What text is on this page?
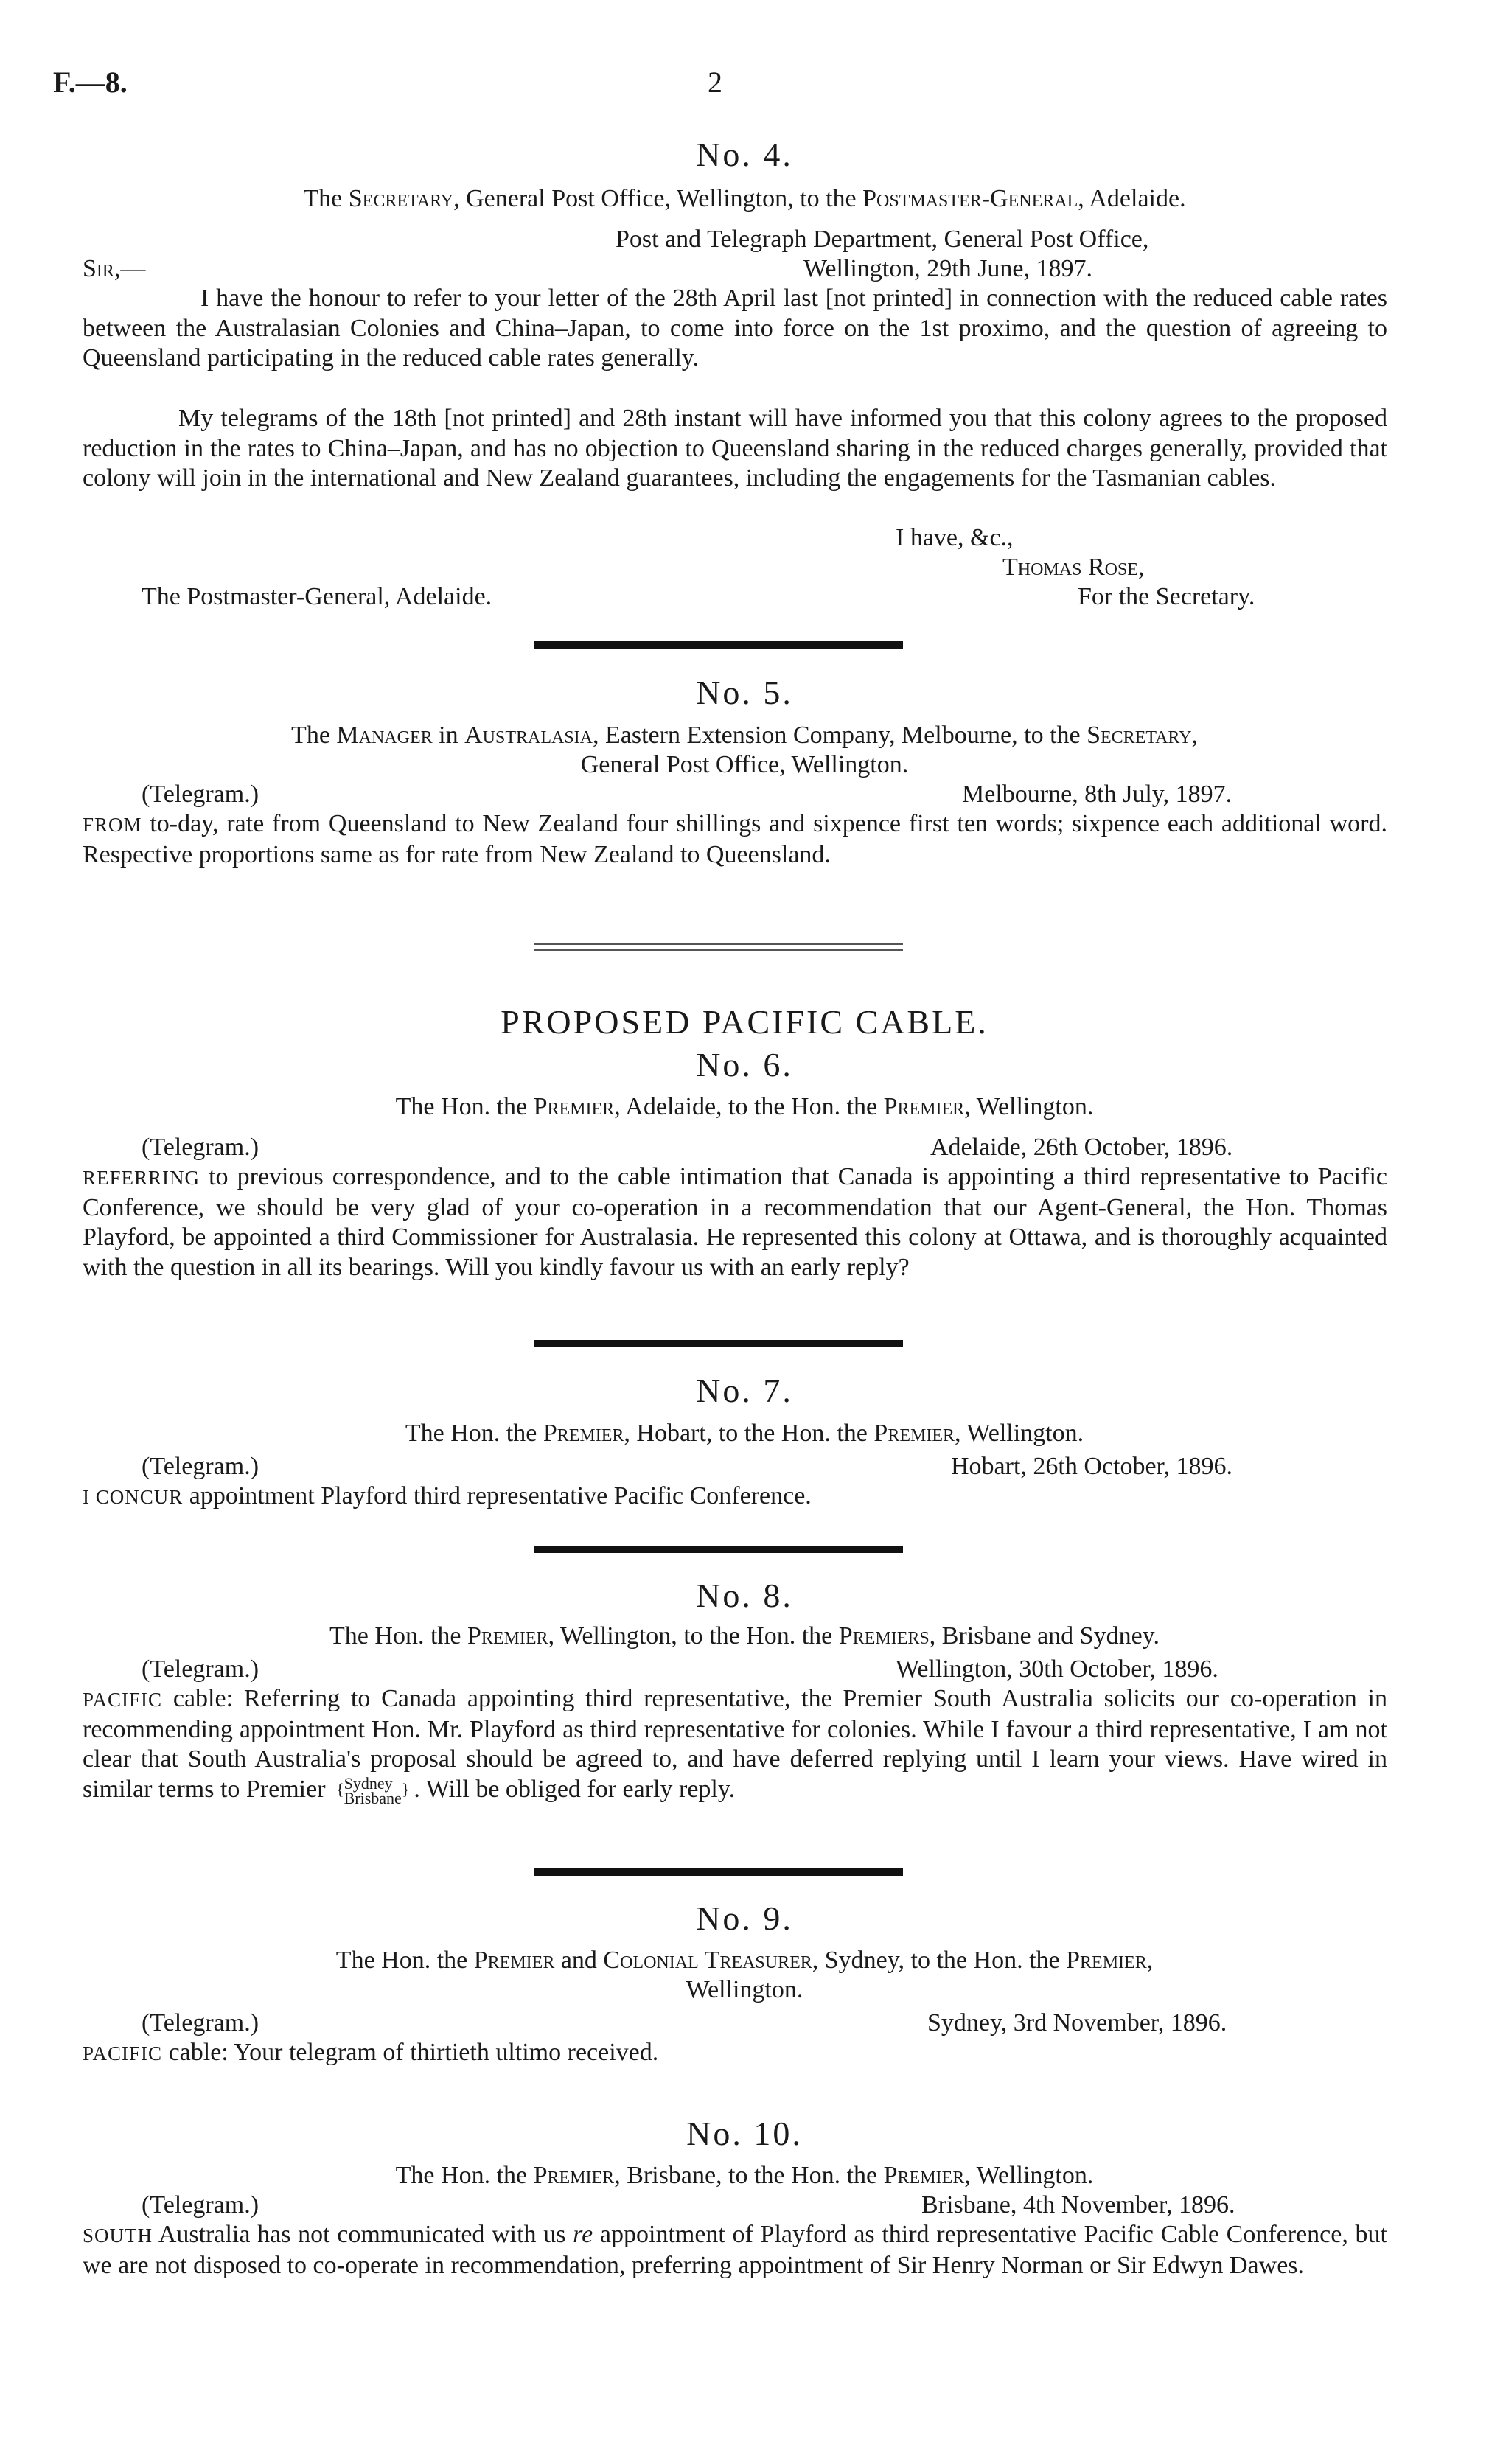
F.—8.	2
No. 4.
The Secretary, General Post Office, Wellington, to the Postmaster-General, Adelaide.
Post and Telegraph Department, General Post Office,
Sir,—	Wellington, 29th June, 1897.
I have the honour to refer to your letter of the 28th April last [not printed] in connection with the reduced cable rates between the Australasian Colonies and China–Japan, to come into force on the 1st proximo, and the question of agreeing to Queensland participating in the reduced cable rates generally.
My telegrams of the 18th [not printed] and 28th instant will have informed you that this colony agrees to the proposed reduction in the rates to China–Japan, and has no objection to Queensland sharing in the reduced charges generally, provided that colony will join in the international and New Zealand guarantees, including the engagements for the Tasmanian cables.
I have, &c.,
Thomas Rose,
The Postmaster-General, Adelaide.	For the Secretary.
No. 5.
The Manager in Australasia, Eastern Extension Company, Melbourne, to the Secretary,
General Post Office, Wellington.
(Telegram.)	Melbourne, 8th July, 1897.
FROM to-day, rate from Queensland to New Zealand four shillings and sixpence first ten words; sixpence each additional word. Respective proportions same as for rate from New Zealand to Queensland.
PROPOSED PACIFIC CABLE.
No. 6.
The Hon. the Premier, Adelaide, to the Hon. the Premier, Wellington.
(Telegram.)	Adelaide, 26th October, 1896.
REFERRING to previous correspondence, and to the cable intimation that Canada is appointing a third representative to Pacific Conference, we should be very glad of your co-operation in a recommendation that our Agent-General, the Hon. Thomas Playford, be appointed a third Commissioner for Australasia. He represented this colony at Ottawa, and is thoroughly acquainted with the question in all its bearings. Will you kindly favour us with an early reply?
No. 7.
The Hon. the Premier, Hobart, to the Hon. the Premier, Wellington.
(Telegram.)	Hobart, 26th October, 1896.
I CONCUR appointment Playford third representative Pacific Conference.
No. 8.
The Hon. the Premier, Wellington, to the Hon. the Premiers, Brisbane and Sydney.
(Telegram.)	Wellington, 30th October, 1896.
PACIFIC cable: Referring to Canada appointing third representative, the Premier South Australia solicits our co-operation in recommending appointment Hon. Mr. Playford as third representative for colonies. While I favour a third representative, I am not clear that South Australia's proposal should be agreed to, and have deferred replying until I learn your views. Have wired in similar terms to Premier { Sydney
Brisbane } . Will be obliged for early reply.
No. 9.
The Hon. the Premier and Colonial Treasurer, Sydney, to the Hon. the Premier,
Wellington.
(Telegram.)	Sydney, 3rd November, 1896.
PACIFIC cable: Your telegram of thirtieth ultimo received.
No. 10.
The Hon. the Premier, Brisbane, to the Hon. the Premier, Wellington.
(Telegram.)	Brisbane, 4th November, 1896.
SOUTH Australia has not communicated with us re appointment of Playford as third representative Pacific Cable Conference, but we are not disposed to co-operate in recommendation, preferring appointment of Sir Henry Norman or Sir Edwyn Dawes.
